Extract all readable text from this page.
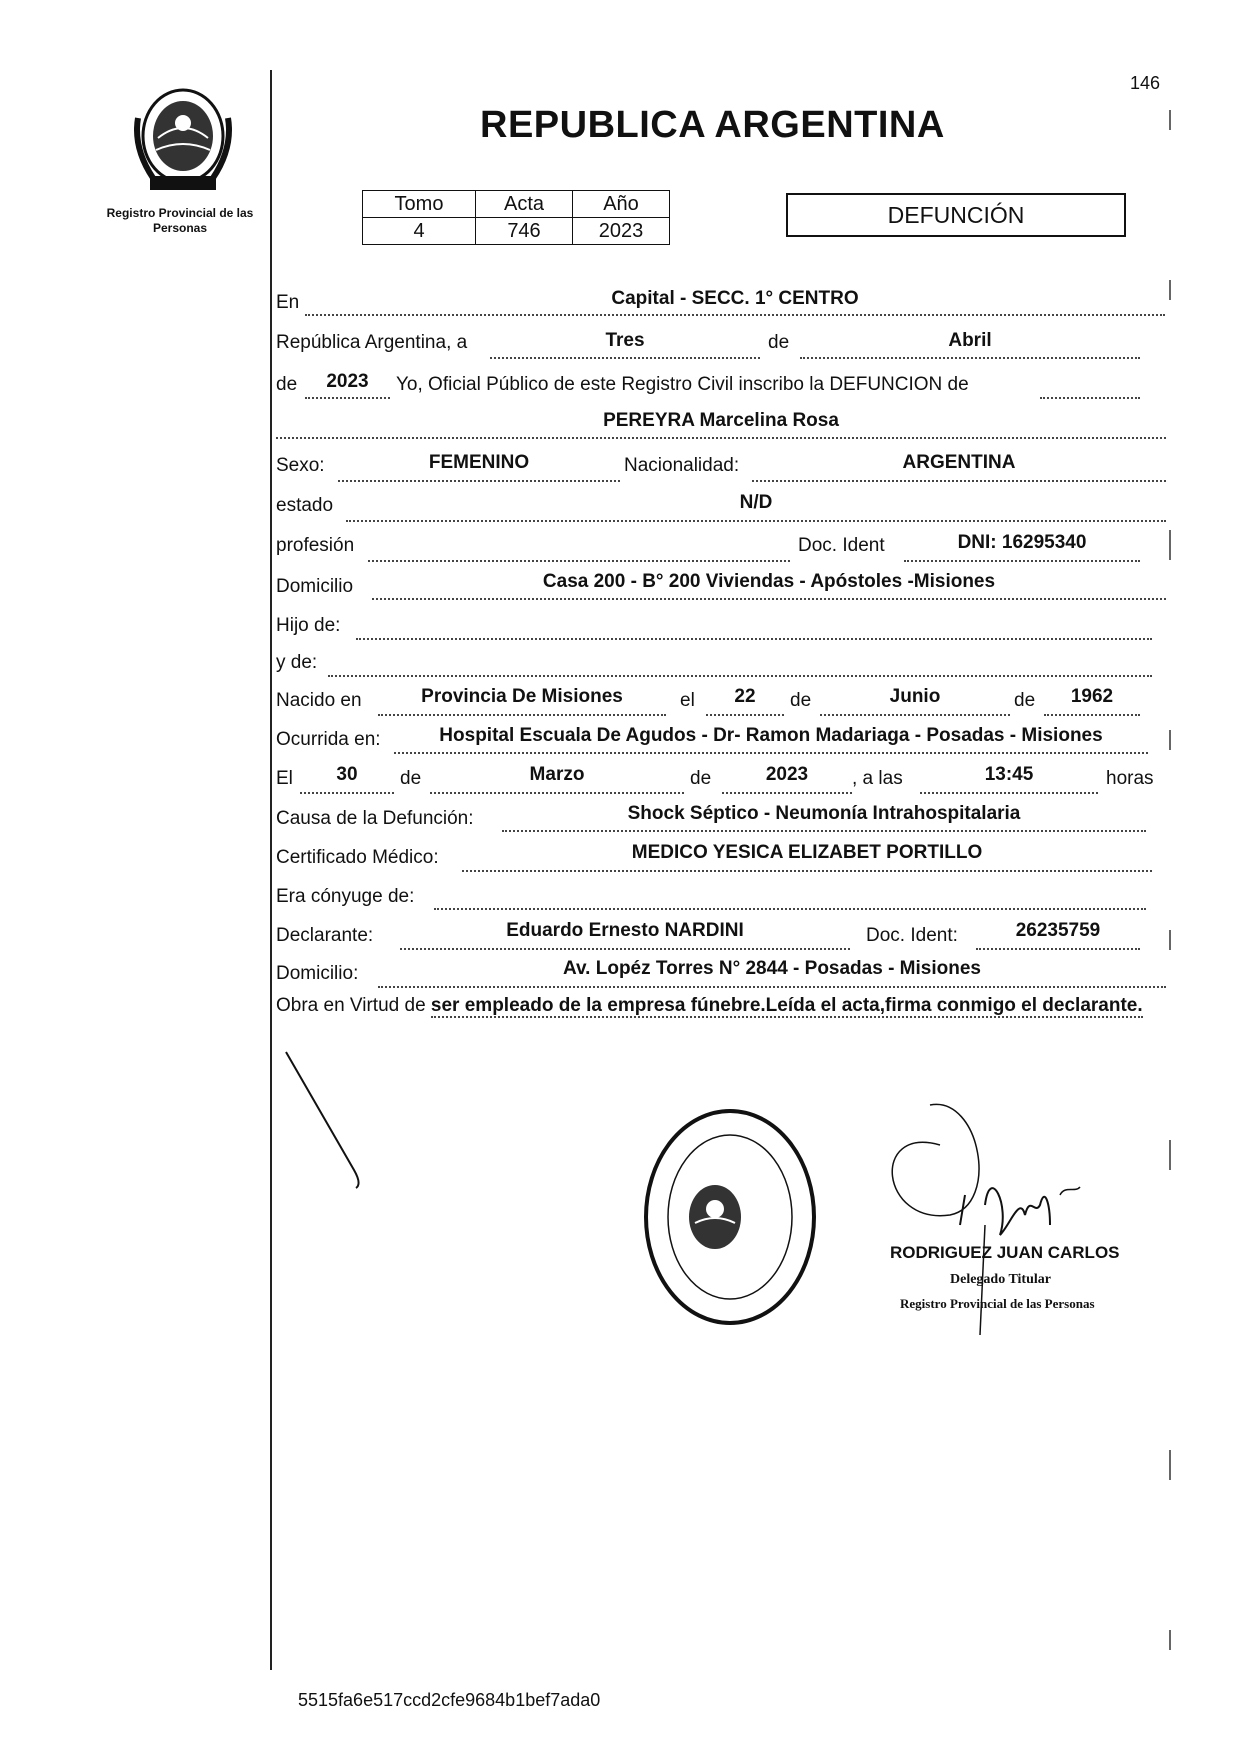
Registro Provincial de las Personas
146
REPUBLICA ARGENTINA
Tomo	Acta	Año
4	746	2023
DEFUNCIÓN
En	Capital - SECC. 1° CENTRO
República Argentina, a	Tres	de	Abril
de	2023	Yo, Oficial Público de este Registro Civil inscribo la DEFUNCION de
PEREYRA Marcelina Rosa
Sexo:	FEMENINO	Nacionalidad:	ARGENTINA
estado	N/D
profesión	Doc. Ident	DNI: 16295340
Domicilio	Casa 200 - B° 200 Viviendas - Apóstoles -Misiones
Hijo de:
y de:
Nacido en	Provincia De Misiones	el	22	de	Junio	de	1962
Ocurrida en:	Hospital Escuala De Agudos - Dr- Ramon Madariaga - Posadas - Misiones
El	30	de	Marzo	de	2023	, a las	13:45	horas
Causa de la Defunción:	Shock Séptico - Neumonía Intrahospitalaria
Certificado Médico:	MEDICO YESICA ELIZABET PORTILLO
Era cónyuge de:
Declarante:	Eduardo Ernesto NARDINI	Doc. Ident:	26235759
Domicilio:	Av. Lopéz Torres N° 2844 - Posadas - Misiones
Obra en Virtud de ser empleado de la empresa fúnebre.Leída el acta,firma conmigo el declarante.
RODRIGUEZ JUAN CARLOS
Delegado Titular
Registro Provincial de las Personas
5515fa6e517ccd2cfe9684b1bef7ada0
